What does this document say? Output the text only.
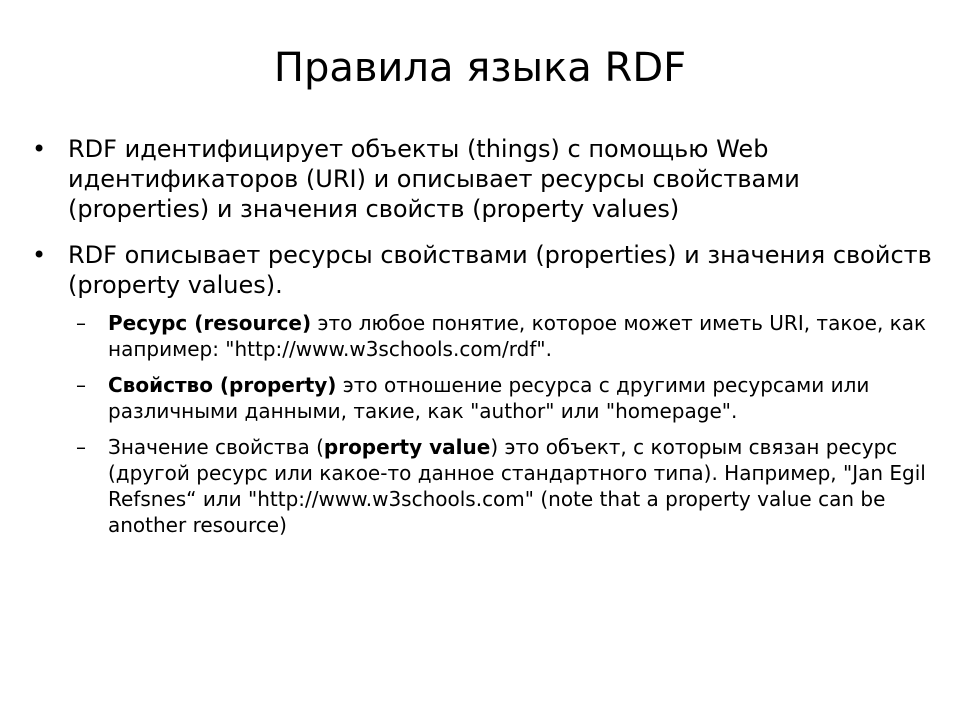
Правила языка RDF
• RDF идентифицирует объекты (things) с помощью Web идентификаторов (URI) и описывает ресурсы свойствами (properties) и значения свойств (property values)
• RDF описывает ресурсы свойствами (properties) и значения свойств (property values).
–	Ресурс (resource) это любое понятие, которое может иметь URI, такое, как например: "http://www.w3schools.com/rdf".
–	Свойство (property) это отношение ресурса с другими ресурсами или различными данными, такие, как "author" или "homepage".
–	Значение свойства (property value) это объект, с которым связан ресурс (другой ресурс или какое-то данное стандартного типа). Например, "Jan Egil Refsnes“ или "http://www.w3schools.com" (note that a property value can be another resource)
